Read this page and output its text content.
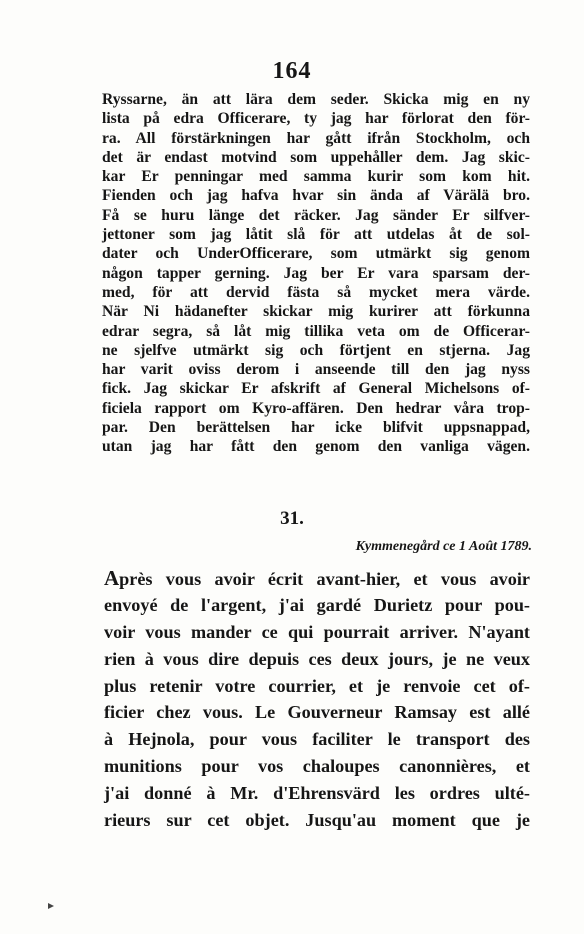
164
Ryssarne, än att lära dem seder. Skicka mig en ny
lista på edra Officerare, ty jag har förlorat den för-
ra. All förstärkningen har gått ifrån Stockholm, och
det är endast motvind som uppehåller dem. Jag skic-
kar Er penningar med samma kurir som kom hit.
Fienden och jag hafva hvar sin ända af Värälä bro.
Få se huru länge det räcker. Jag sänder Er silfver-
jettoner som jag låtit slå för att utdelas åt de sol-
dater och UnderOfficerare, som utmärkt sig genom
någon tapper gerning. Jag ber Er vara sparsam der-
med, för att dervid fästa så mycket mera värde.
När Ni hädanefter skickar mig kurirer att förkunna
edrar segra, så låt mig tillika veta om de Officerar-
ne sjelfve utmärkt sig och förtjent en stjerna. Jag
har varit oviss derom i anseende till den jag nyss
fick. Jag skickar Er afskrift af General Michelsons of-
ficiela rapport om Kyro-affären. Den hedrar våra trop-
par. Den berättelsen har icke blifvit uppsnappad,
utan jag har fått den genom den vanliga vägen.
31.
Kymmenegård ce 1 Août 1789.
Après vous avoir écrit avant-hier, et vous avoir
envoyé de l'argent, j'ai gardé Durietz pour pou-
voir vous mander ce qui pourrait arriver. N'ayant
rien à vous dire depuis ces deux jours, je ne veux
plus retenir votre courrier, et je renvoie cet of-
ficier chez vous. Le Gouverneur Ramsay est allé
à Hejnola, pour vous faciliter le transport des
munitions pour vos chaloupes canonnières, et
j'ai donné à Mr. d'Ehrensvärd les ordres ulté-
rieurs sur cet objet. Jusqu'au moment que je
